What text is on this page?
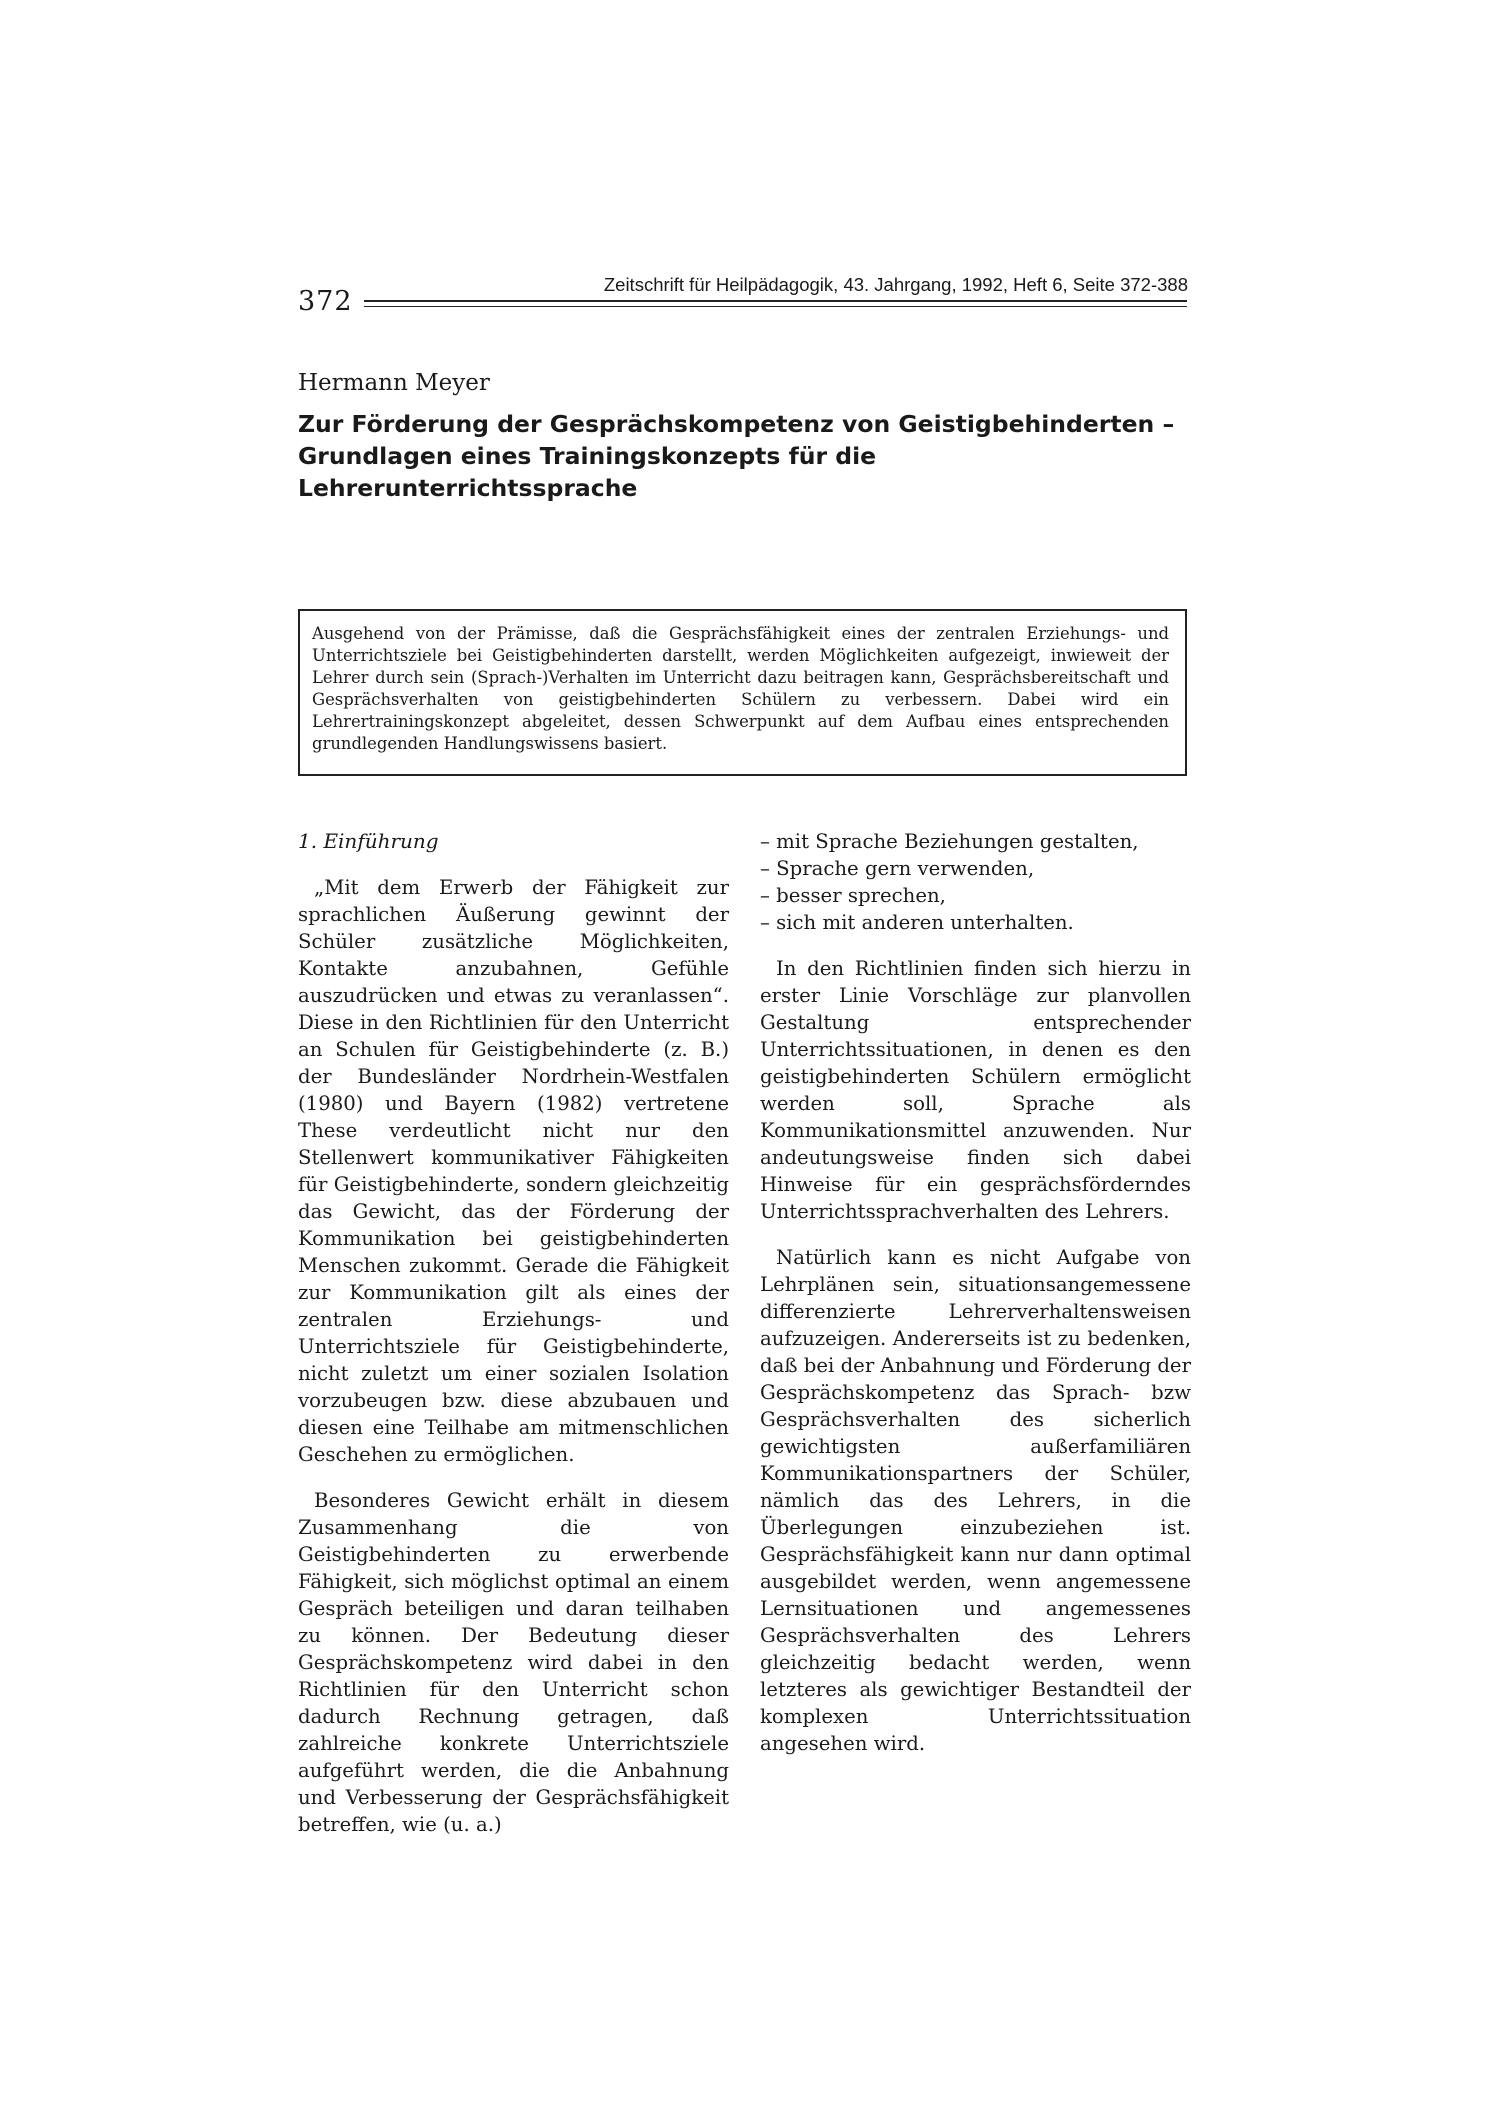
372
Zeitschrift für Heilpädagogik, 43. Jahrgang, 1992, Heft 6, Seite 372-388
Hermann Meyer
Zur Förderung der Gesprächskompetenz von Geistigbehinderten –
Grundlagen eines Trainingskonzepts für die Lehrerunterrichtssprache

Ausgehend von der Prämisse, daß die Gesprächsfähigkeit eines der zentralen Erziehungs- und Unterrichtsziele bei Geistigbehinderten darstellt, werden Möglichkeiten aufgezeigt, inwieweit der Lehrer durch sein (Sprach-)Verhalten im Unterricht dazu beitragen kann, Gesprächsbereitschaft und Gesprächsverhalten von geistigbehinderten Schülern zu verbessern. Dabei wird ein Lehrertrainingskonzept abgeleitet, dessen Schwerpunkt auf dem Aufbau eines entsprechenden grundlegenden Handlungswissens basiert.

1. Einführung

„Mit dem Erwerb der Fähigkeit zur sprachlichen Äußerung gewinnt der Schüler zusätzliche Möglichkeiten, Kontakte anzubahnen, Gefühle auszudrücken und etwas zu veranlassen“. Diese in den Richtlinien für den Unterricht an Schulen für Geistigbehinderte (z. B.) der Bundesländer Nordrhein-Westfalen (1980) und Bayern (1982) vertretene These verdeutlicht nicht nur den Stellenwert kommunikativer Fähigkeiten für Geistigbehinderte, sondern gleichzeitig das Gewicht, das der Förderung der Kommunikation bei geistigbehinderten Menschen zukommt. Gerade die Fähigkeit zur Kommunikation gilt als eines der zentralen Erziehungs- und Unterrichtsziele für Geistigbehinderte, nicht zuletzt um einer sozialen Isolation vorzubeugen bzw. diese abzubauen und diesen eine Teilhabe am mitmenschlichen Geschehen zu ermöglichen.

Besonderes Gewicht erhält in diesem Zusammenhang die von Geistigbehinderten zu erwerbende Fähigkeit, sich möglichst optimal an einem Gespräch beteiligen und daran teilhaben zu können. Der Bedeutung dieser Gesprächskompetenz wird dabei in den Richtlinien für den Unterricht schon dadurch Rechnung getragen, daß zahlreiche konkrete Unterrichtsziele aufgeführt werden, die die Anbahnung und Verbesserung der Gesprächsfähigkeit betreffen, wie (u. a.)

– mit Sprache Beziehungen gestalten,
– Sprache gern verwenden,
– besser sprechen,
– sich mit anderen unterhalten.

In den Richtlinien finden sich hierzu in erster Linie Vorschläge zur planvollen Gestaltung entsprechender Unterrichtssituationen, in denen es den geistigbehinderten Schülern ermöglicht werden soll, Sprache als Kommunikationsmittel anzuwenden. Nur andeutungsweise finden sich dabei Hinweise für ein gesprächsförderndes Unterrichtssprachverhalten des Lehrers.

Natürlich kann es nicht Aufgabe von Lehrplänen sein, situationsangemessene differenzierte Lehrerverhaltensweisen aufzuzeigen. Andererseits ist zu bedenken, daß bei der Anbahnung und Förderung der Gesprächskompetenz das Sprach- bzw Gesprächsverhalten des sicherlich gewichtigsten außerfamiliären Kommunikationspartners der Schüler, nämlich das des Lehrers, in die Überlegungen einzubeziehen ist. Gesprächsfähigkeit kann nur dann optimal ausgebildet werden, wenn angemessene Lernsituationen und angemessenes Gesprächsverhalten des Lehrers gleichzeitig bedacht werden, wenn letzteres als gewichtiger Bestandteil der komplexen Unterrichtssituation angesehen wird.
